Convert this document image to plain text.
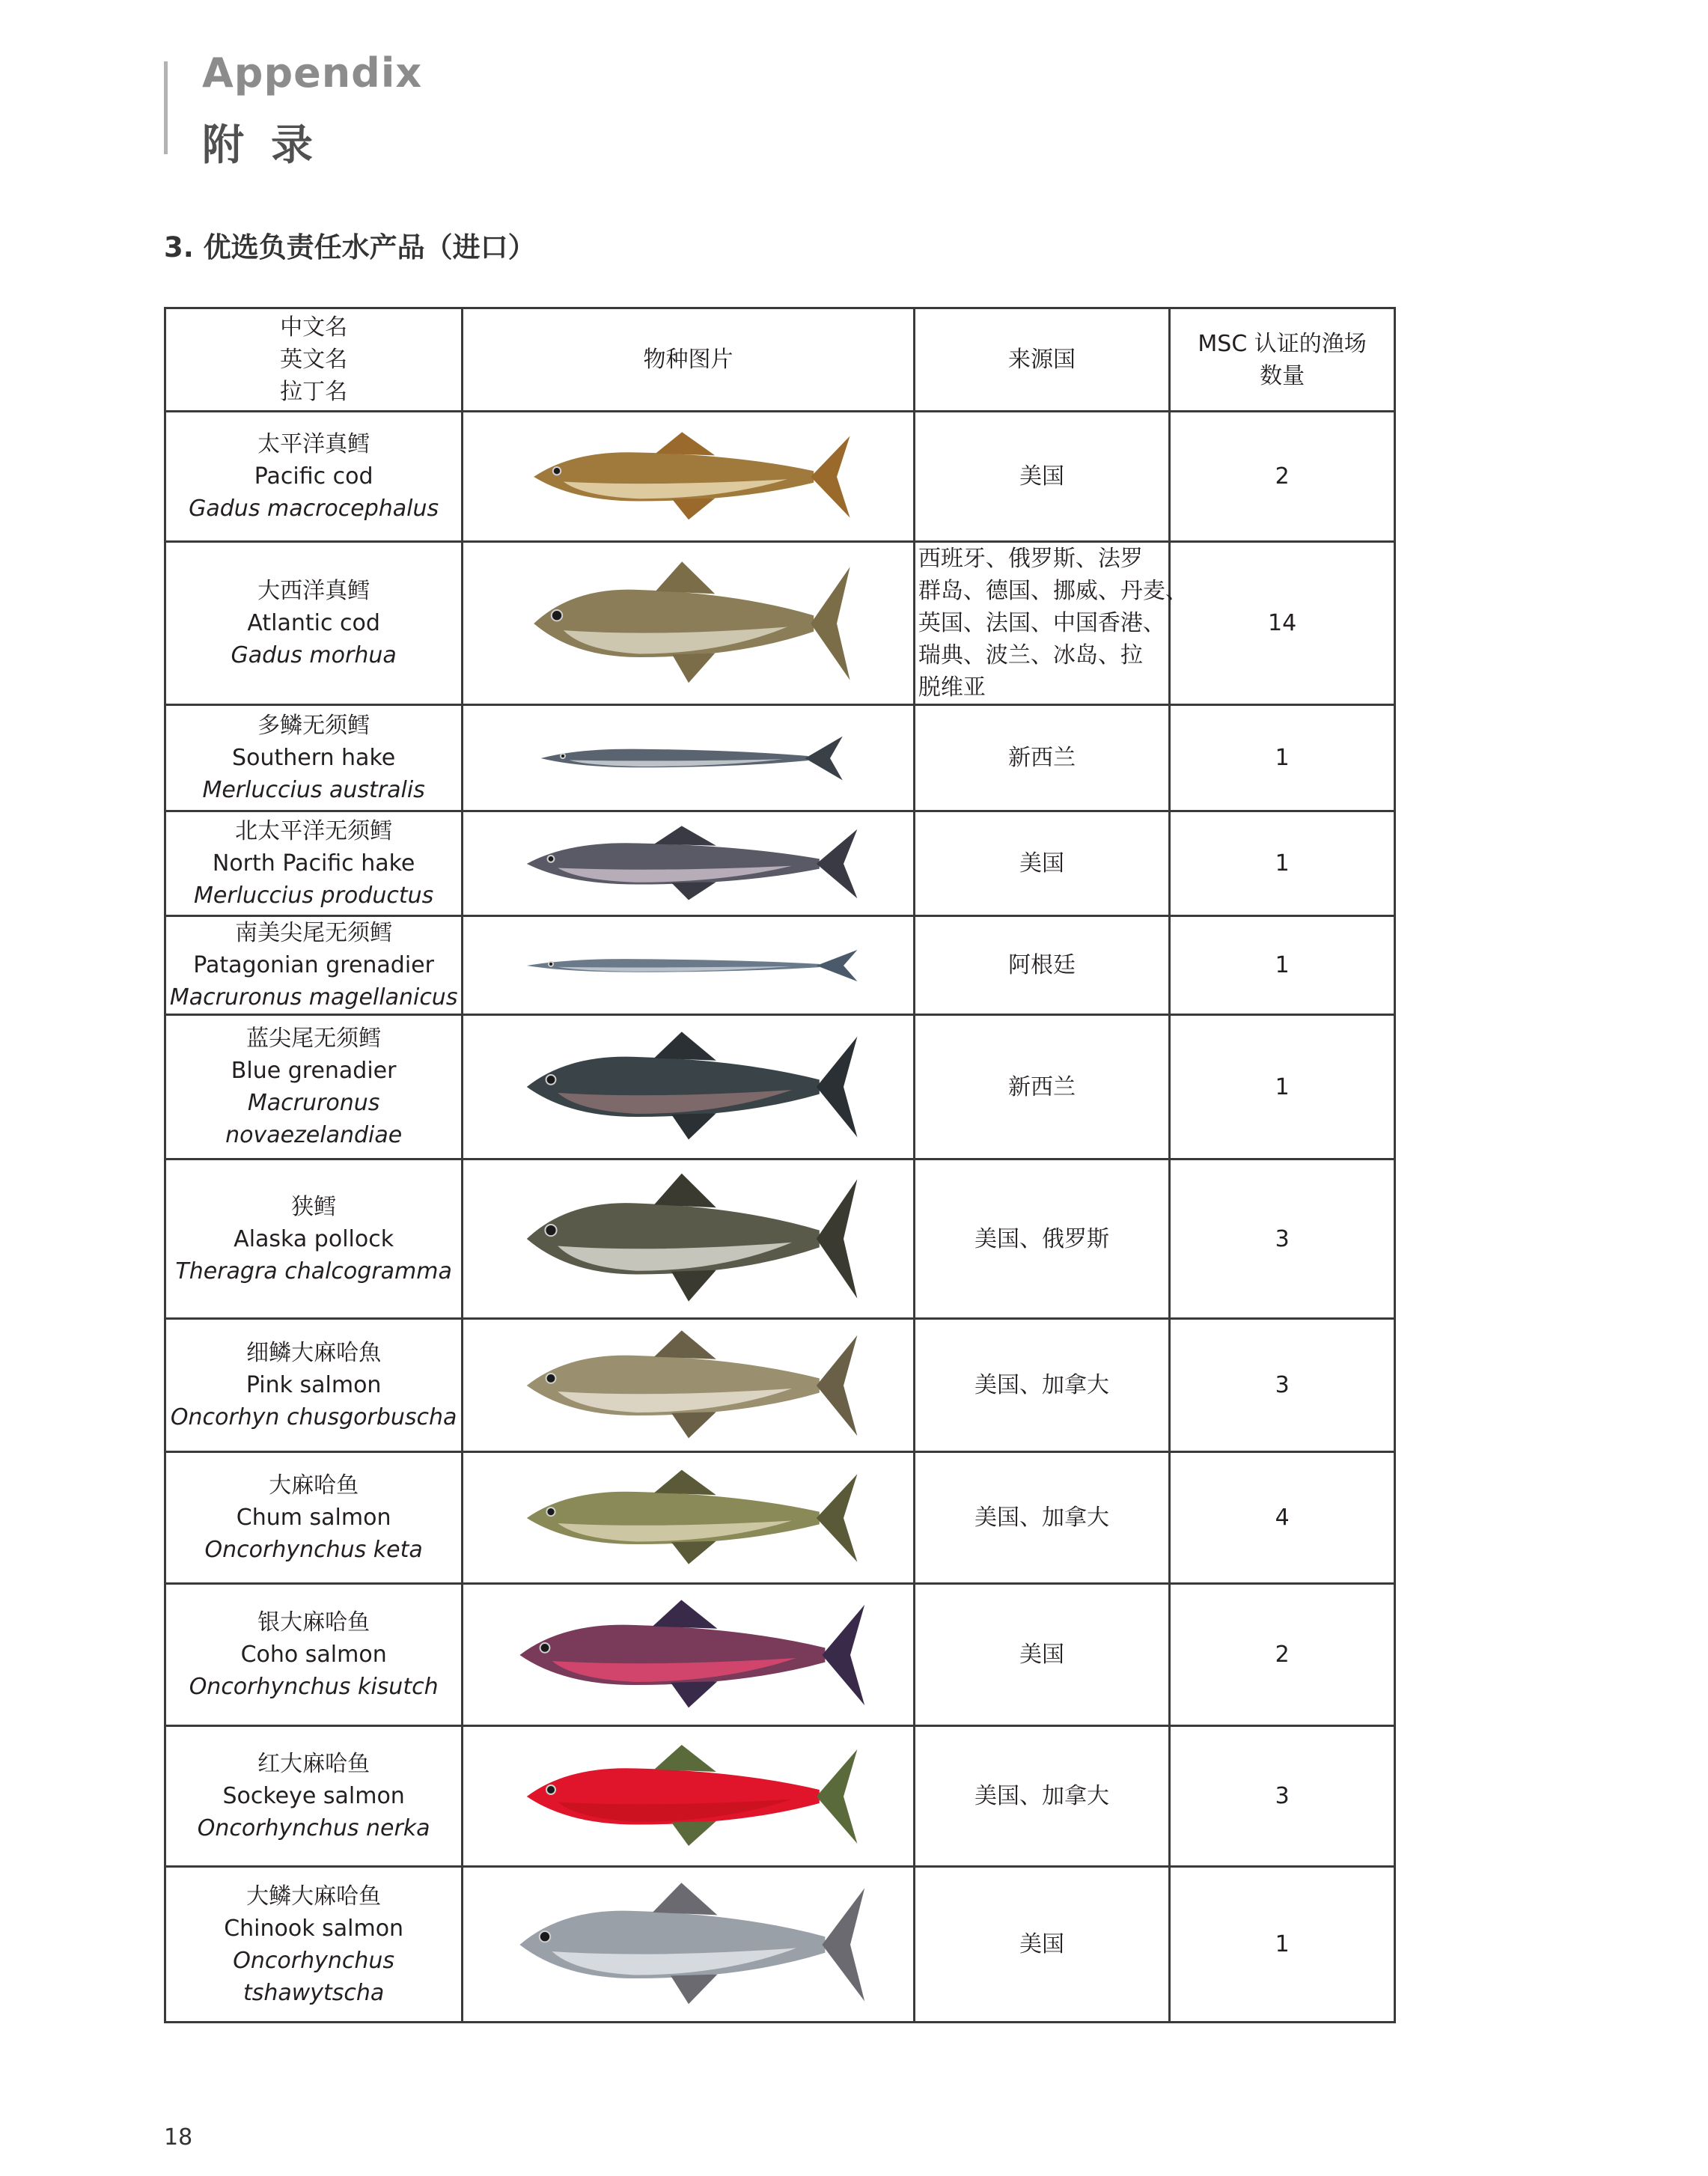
Appendix
附录
3. 优选负责任水产品（进口）
中文名
英文名
拉丁名	物种图片	来源国	MSC 认证的渔场
数量

太平洋真鳕
Pacific cod
Gadus macrocephalus		美国	2

大西洋真鳕
Atlantic cod
Gadus morhua		西班牙、俄罗斯、法罗
群岛、德国、挪威、丹麦、
英国、法国、中国香港、
瑞典、波兰、冰岛、拉
脱维亚	14

多鳞无须鳕
Southern hake
Merluccius australis		新西兰	1

北太平洋无须鳕
North Pacific hake
Merluccius productus		美国	1

南美尖尾无须鳕
Patagonian grenadier
Macruronus magellanicus		阿根廷	1

蓝尖尾无须鳕
Blue grenadier
Macruronus
novaezelandiae		新西兰	1

狭鳕
Alaska pollock
Theragra chalcogramma		美国、俄罗斯	3

细鳞大麻哈魚
Pink salmon
Oncorhyn chusgorbuscha		美国、加拿大	3

大麻哈鱼
Chum salmon
Oncorhynchus keta		美国、加拿大	4

银大麻哈鱼
Coho salmon
Oncorhynchus kisutch		美国	2

红大麻哈鱼
Sockeye salmon
Oncorhynchus nerka		美国、加拿大	3

大鳞大麻哈鱼
Chinook salmon
Oncorhynchus
tshawytscha		美国	1
18
